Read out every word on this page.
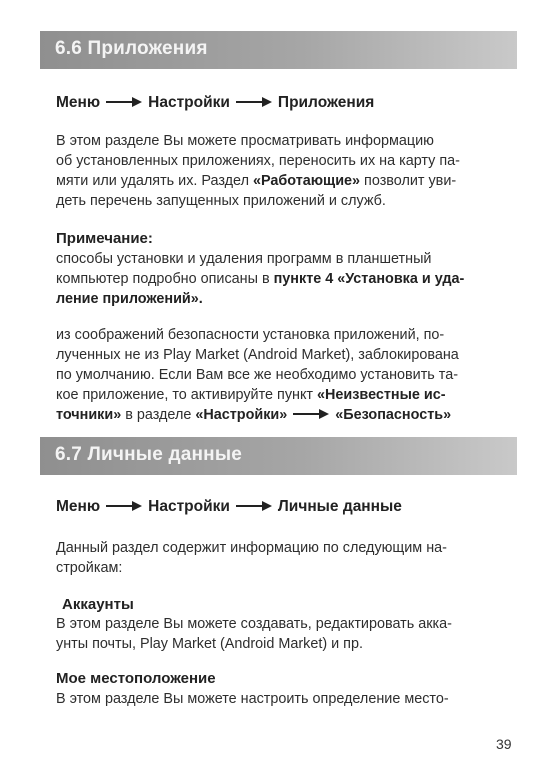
6.6 Приложения
Меню	Настройки	Приложения
В этом разделе Вы можете просматривать информацию
об установленных приложениях, переносить их на карту па-
мяти или удалять их. Раздел «Работающие» позволит уви-
деть перечень запущенных приложений и служб.
Примечание:
способы установки и удаления программ в планшетный
компьютер подробно описаны в пункте 4 «Установка и уда-
ление приложений».
из соображений безопасности установка приложений, по-
лученных не из Play Market (Android Market), заблокирована
по умолчанию. Если Вам все же необходимо установить та-
кое приложение, то активируйте пункт «Неизвестные ис-
точники» в разделе «Настройки»	«Безопасность»
6.7 Личные данные
Меню	Настройки	Личные данные
Данный раздел содержит информацию по следующим на-
стройкам:
Аккаунты
В этом разделе Вы можете создавать, редактировать акка-
унты почты, Play Market (Android Market) и пр.
Мое местоположение
В этом разделе Вы можете настроить определение место-
39
